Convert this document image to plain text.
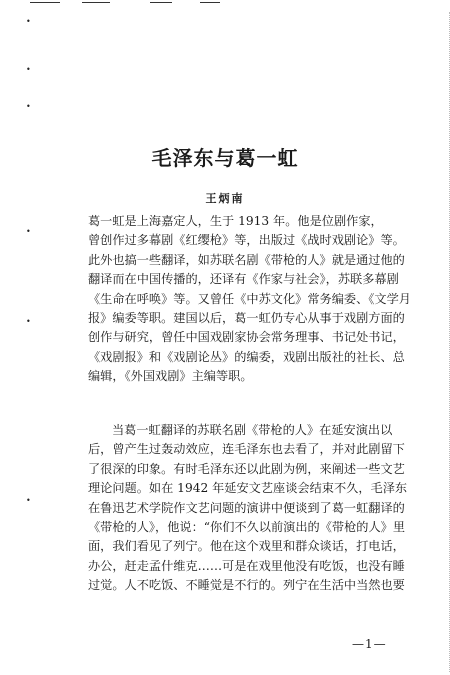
•
•
•
•
•
•
毛泽东与葛一虹
王炳南
葛一虹是上海嘉定人，生于 1913 年。他是位剧作家，
曾创作过多幕剧《红缨枪》等，出版过《战时戏剧论》等。
此外也搞一些翻译，如苏联名剧《带枪的人》就是通过他的
翻译而在中国传播的，还译有《作家与社会》，苏联多幕剧
《生命在呼唤》等。又曾任《中苏文化》常务编委、《文学月
报》编委等职。建国以后，葛一虹仍专心从事于戏剧方面的
创作与研究，曾任中国戏剧家协会常务理事、书记处书记，
《戏剧报》和《戏剧论丛》的编委，戏剧出版社的社长、总
编辑，《外国戏剧》主编等职。
当葛一虹翻译的苏联名剧《带枪的人》在延安演出以
后，曾产生过轰动效应，连毛泽东也去看了，并对此剧留下
了很深的印象。有时毛泽东还以此剧为例，来阐述一些文艺
理论问题。如在 1942 年延安文艺座谈会结束不久，毛泽东
在鲁迅艺术学院作文艺问题的演讲中便谈到了葛一虹翻译的
《带枪的人》，他说：“你们不久以前演出的《带枪的人》里
面，我们看见了列宁。他在这个戏里和群众谈话，打电话，
办公，赶走孟什维克……可是在戏里他没有吃饭，也没有睡
过觉。人不吃饭、不睡觉是不行的。列宁在生活中当然也要
—1—
